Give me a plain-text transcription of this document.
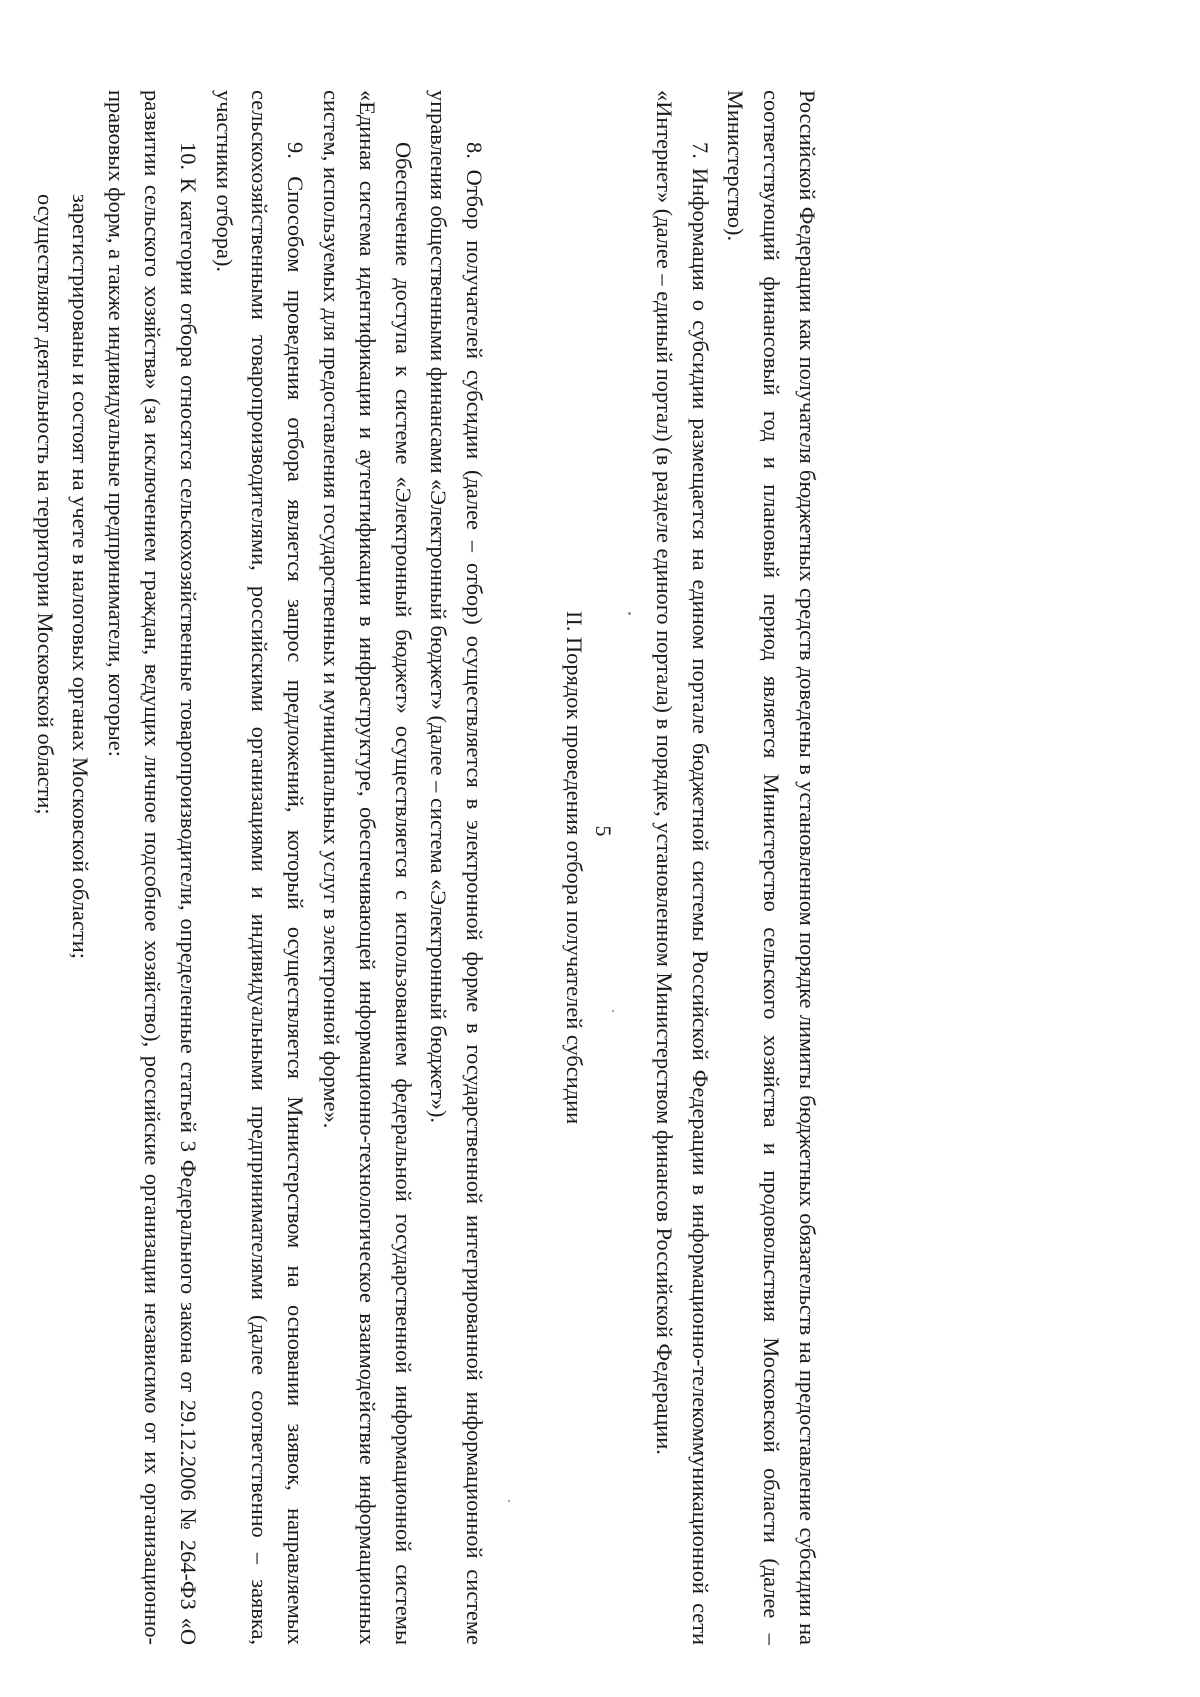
5	Российской Федерации как получателя бюджетных средств доведены в установленном порядке лимиты бюджетных обязательств на предоставление субсидии на соответствующий финансовый год и плановый период является Министерство сельского хозяйства и продовольствия Московской области (далее – Министерство).

7. Информация о субсидии размещается на едином портале бюджетной системы Российской Федерации в информационно-телекоммуникационной сети «Интернет» (далее – единый портал) (в разделе единого портала) в порядке, установленном Министерством финансов Российской Федерации.

II. Порядок проведения отбора получателей субсидии

8. Отбор получателей субсидии (далее – отбор) осуществляется в электронной форме в государственной интегрированной информационной системе управления общественными финансами «Электронный бюджет» (далее – система «Электронный бюджет»).

Обеспечение доступа к системе «Электронный бюджет» осуществляется с использованием федеральной государственной информационной системы «Единая система идентификации и аутентификации в инфраструктуре, обеспечивающей информационно-технологическое взаимодействие информационных систем, используемых для предоставления государственных и муниципальных услуг в электронной форме».

9. Способом проведения отбора является запрос предложений, который осуществляется Министерством на основании заявок, направляемых сельскохозяйственными товаропроизводителями, российскими организациями и индивидуальными предпринимателями (далее соответственно – заявка, участники отбора).

10. К категории отбора относятся сельскохозяйственные товаропроизводители, определенные статьей 3 Федерального закона от 29.12.2006 № 264-ФЗ «О развитии сельского хозяйства» (за исключением граждан, ведущих личное подсобное хозяйство), российские организации независимо от их организационно-правовых форм, а также индивидуальные предприниматели, которые:

зарегистрированы и состоят на учете в налоговых органах Московской области;

осуществляют деятельность на территории Московской области;
